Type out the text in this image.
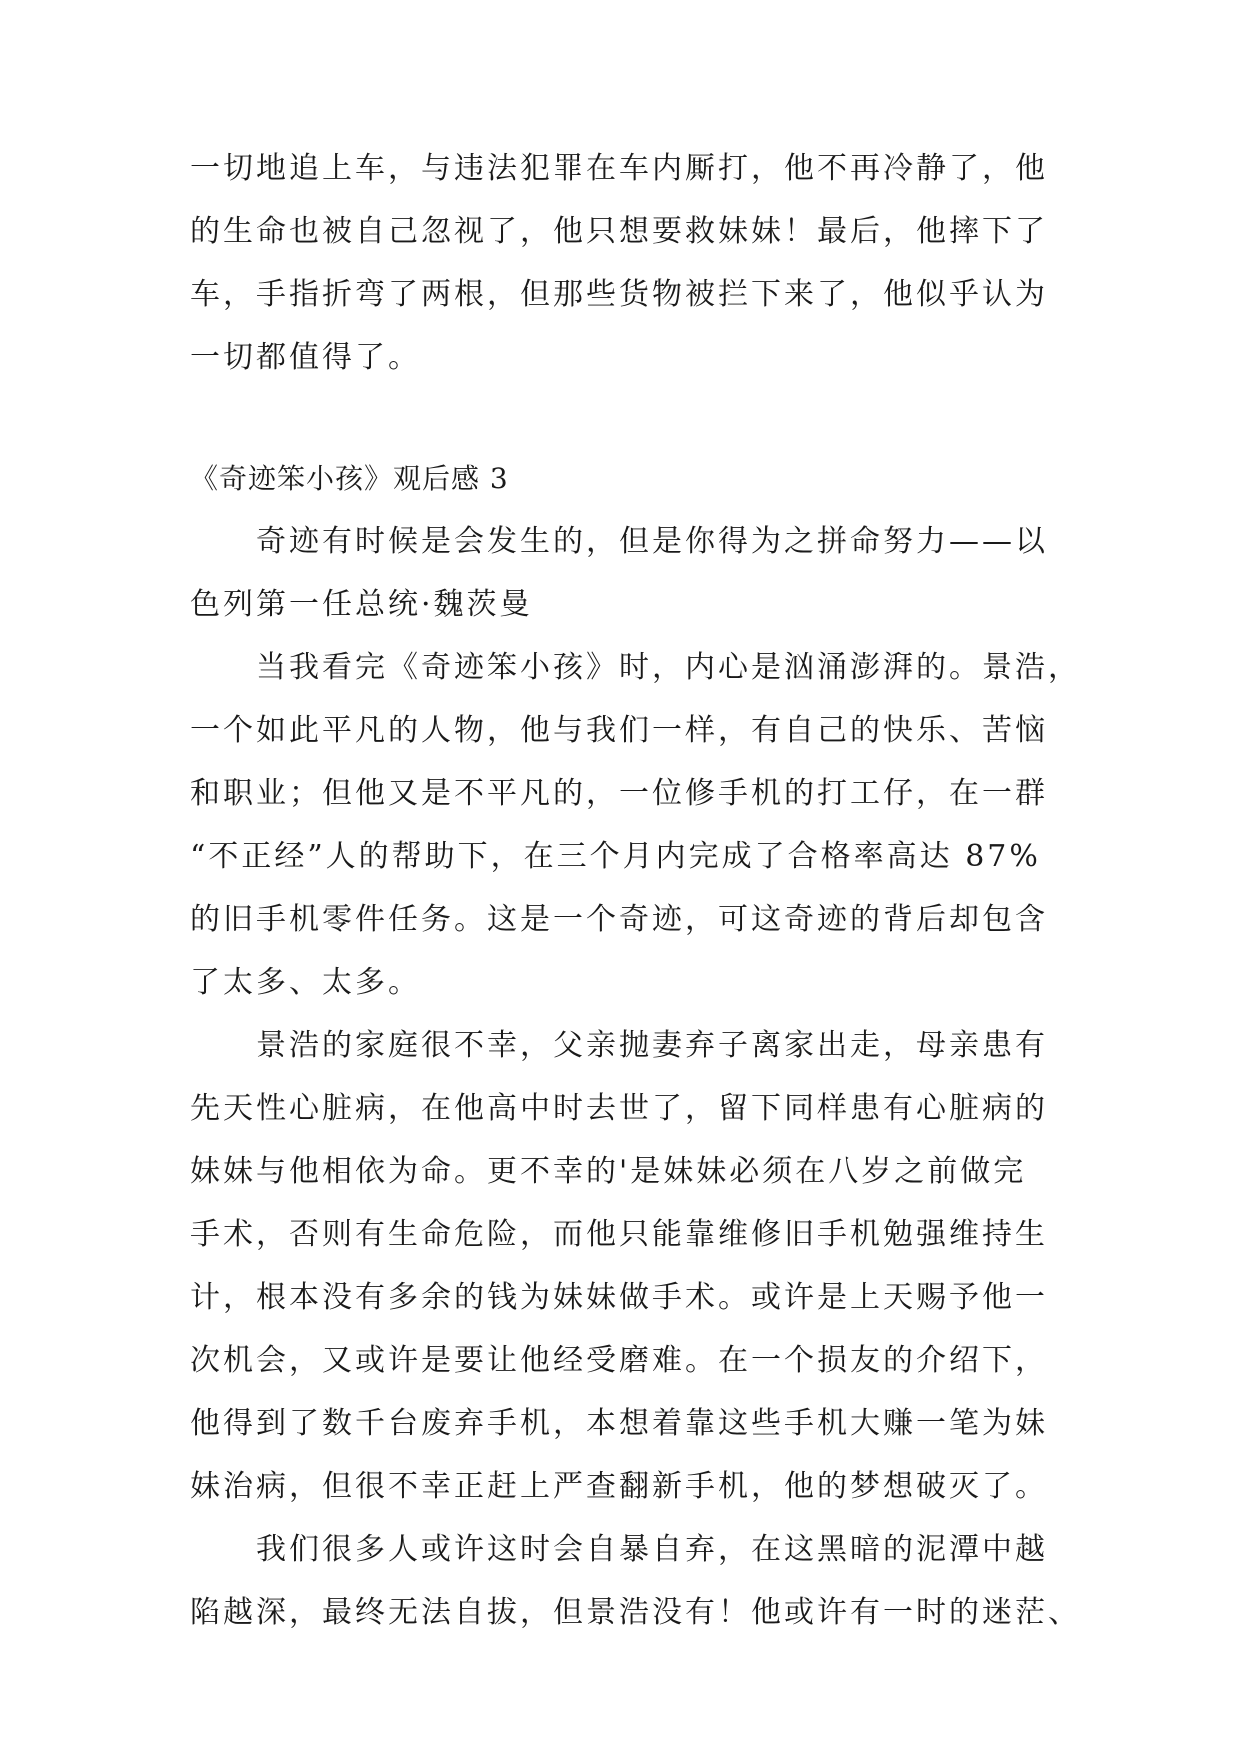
一切地追上车，与违法犯罪在车内厮打，他不再冷静了，他
的生命也被自己忽视了，他只想要救妹妹！最后，他摔下了
车，手指折弯了两根，但那些货物被拦下来了，他似乎认为
一切都值得了。
《奇迹笨小孩》观后感 3
奇迹有时候是会发生的，但是你得为之拼命努力——以
色列第一任总统·魏茨曼
当我看完《奇迹笨小孩》时，内心是汹涌澎湃的。景浩，
一个如此平凡的人物，他与我们一样，有自己的快乐、苦恼
和职业；但他又是不平凡的，一位修手机的打工仔，在一群
“不正经”人的帮助下，在三个月内完成了合格率高达 87%
的旧手机零件任务。这是一个奇迹，可这奇迹的背后却包含
了太多、太多。
景浩的家庭很不幸，父亲抛妻弃子离家出走，母亲患有
先天性心脏病，在他高中时去世了，留下同样患有心脏病的
妹妹与他相依为命。更不幸的'是妹妹必须在八岁之前做完
手术，否则有生命危险，而他只能靠维修旧手机勉强维持生
计，根本没有多余的钱为妹妹做手术。或许是上天赐予他一
次机会，又或许是要让他经受磨难。在一个损友的介绍下，
他得到了数千台废弃手机，本想着靠这些手机大赚一笔为妹
妹治病，但很不幸正赶上严查翻新手机，他的梦想破灭了。
我们很多人或许这时会自暴自弃，在这黑暗的泥潭中越
陷越深，最终无法自拔，但景浩没有！他或许有一时的迷茫、
